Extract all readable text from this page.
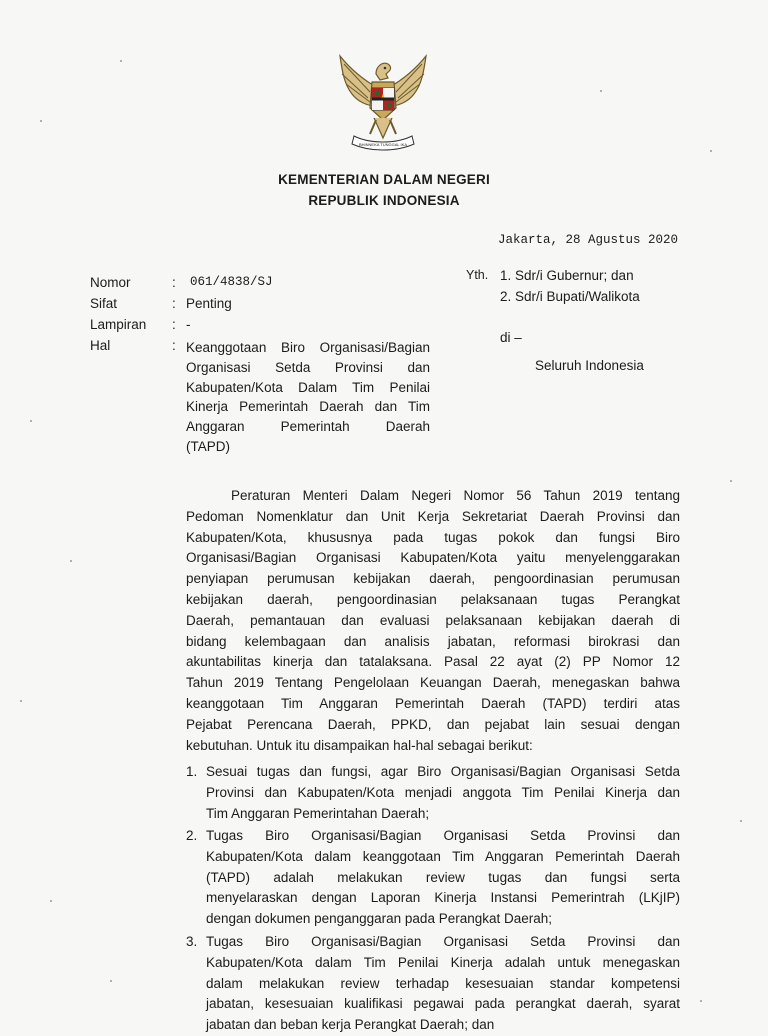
BHINNEKA TUNGGAL IKA
KEMENTERIAN DALAM NEGERI
REPUBLIK INDONESIA
Jakarta, 28 Agustus 2020
Nomor	: 061/4838/SJ
Sifat	: Penting
Lampiran : -
Hal	: Keanggotaan Biro Organisasi/Bagian
Organisasi Setda Provinsi dan
Kabupaten/Kota Dalam Tim Penilai
Kinerja Pemerintah Daerah dan Tim
Anggaran Pemerintah Daerah
(TAPD)
Yth. 1. Sdr/i Gubernur; dan
2. Sdr/i Bupati/Walikota
di –
Seluruh Indonesia
Peraturan Menteri Dalam Negeri Nomor 56 Tahun 2019 tentang
Pedoman Nomenklatur dan Unit Kerja Sekretariat Daerah Provinsi dan
Kabupaten/Kota, khususnya pada tugas pokok dan fungsi Biro
Organisasi/Bagian Organisasi Kabupaten/Kota yaitu menyelenggarakan
penyiapan perumusan kebijakan daerah, pengoordinasian perumusan
kebijakan daerah, pengoordinasian pelaksanaan tugas Perangkat
Daerah, pemantauan dan evaluasi pelaksanaan kebijakan daerah di
bidang kelembagaan dan analisis jabatan, reformasi birokrasi dan
akuntabilitas kinerja dan tatalaksana. Pasal 22 ayat (2) PP Nomor 12
Tahun 2019 Tentang Pengelolaan Keuangan Daerah, menegaskan bahwa
keanggotaan Tim Anggaran Pemerintah Daerah (TAPD) terdiri atas
Pejabat Perencana Daerah, PPKD, dan pejabat lain sesuai dengan
kebutuhan. Untuk itu disampaikan hal-hal sebagai berikut:
1. Sesuai tugas dan fungsi, agar Biro Organisasi/Bagian Organisasi Setda
Provinsi dan Kabupaten/Kota menjadi anggota Tim Penilai Kinerja dan
Tim Anggaran Pemerintahan Daerah;
2. Tugas Biro Organisasi/Bagian Organisasi Setda Provinsi dan
Kabupaten/Kota dalam keanggotaan Tim Anggaran Pemerintah Daerah
(TAPD) adalah melakukan review tugas dan fungsi serta
menyelaraskan dengan Laporan Kinerja Instansi Pemerintrah (LKjIP)
dengan dokumen penganggaran pada Perangkat Daerah;
3. Tugas Biro Organisasi/Bagian Organisasi Setda Provinsi dan
Kabupaten/Kota dalam Tim Penilai Kinerja adalah untuk menegaskan
dalam melakukan review terhadap kesesuaian standar kompetensi
jabatan, kesesuaian kualifikasi pegawai pada perangkat daerah, syarat
jabatan dan beban kerja Perangkat Daerah; dan
